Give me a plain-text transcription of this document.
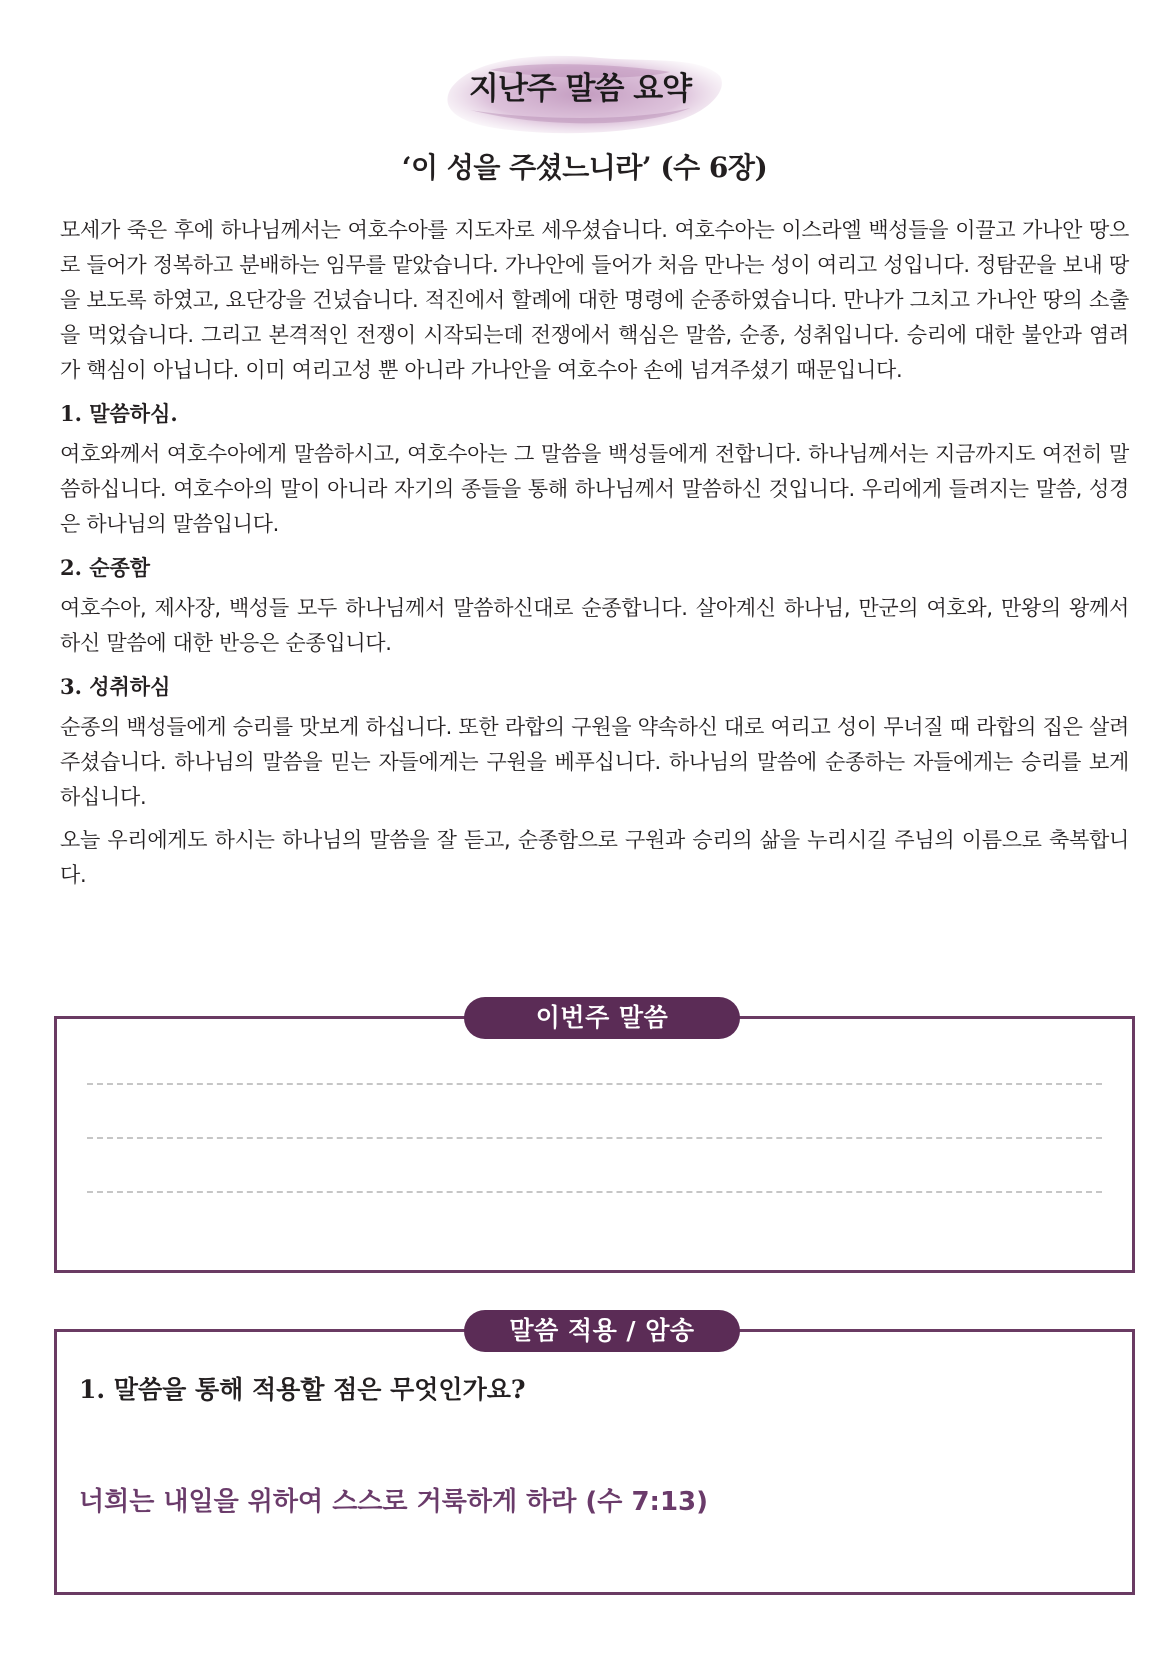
지난주 말씀 요약
‘이 성을 주셨느니라’ (수 6장)

모세가 죽은 후에 하나님께서는 여호수아를 지도자로 세우셨습니다. 여호수아는 이스라엘 백성들을 이끌고 가나안 땅으로 들어가 정복하고 분배하는 임무를 맡았습니다. 가나안에 들어가 처음 만나는 성이 여리고 성입니다. 정탐꾼을 보내 땅을 보도록 하였고, 요단강을 건넜습니다. 적진에서 할례에 대한 명령에 순종하였습니다. 만나가 그치고 가나안 땅의 소출을 먹었습니다. 그리고 본격적인 전쟁이 시작되는데 전쟁에서 핵심은 말씀, 순종, 성취입니다. 승리에 대한 불안과 염려가 핵심이 아닙니다. 이미 여리고성 뿐 아니라 가나안을 여호수아 손에 넘겨주셨기 때문입니다.

1. 말씀하심.

여호와께서 여호수아에게 말씀하시고, 여호수아는 그 말씀을 백성들에게 전합니다. 하나님께서는 지금까지도 여전히 말씀하십니다. 여호수아의 말이 아니라 자기의 종들을 통해 하나님께서 말씀하신 것입니다. 우리에게 들려지는 말씀, 성경은 하나님의 말씀입니다.

2. 순종함

여호수아, 제사장, 백성들 모두 하나님께서 말씀하신대로 순종합니다. 살아계신 하나님, 만군의 여호와, 만왕의 왕께서 하신 말씀에 대한 반응은 순종입니다.

3. 성취하심

순종의 백성들에게 승리를 맛보게 하십니다. 또한 라합의 구원을 약속하신 대로 여리고 성이 무너질 때 라합의 집은 살려주셨습니다. 하나님의 말씀을 믿는 자들에게는 구원을 베푸십니다. 하나님의 말씀에 순종하는 자들에게는 승리를 보게 하십니다.

오늘 우리에게도 하시는 하나님의 말씀을 잘 듣고, 순종함으로 구원과 승리의 삶을 누리시길 주님의 이름으로 축복합니다.

이번주 말씀
1. 말씀을 통해 적용할 점은 무엇인가요?
너희는 내일을 위하여 스스로 거룩하게 하라 (수 7:13)
말씀 적용 / 암송
